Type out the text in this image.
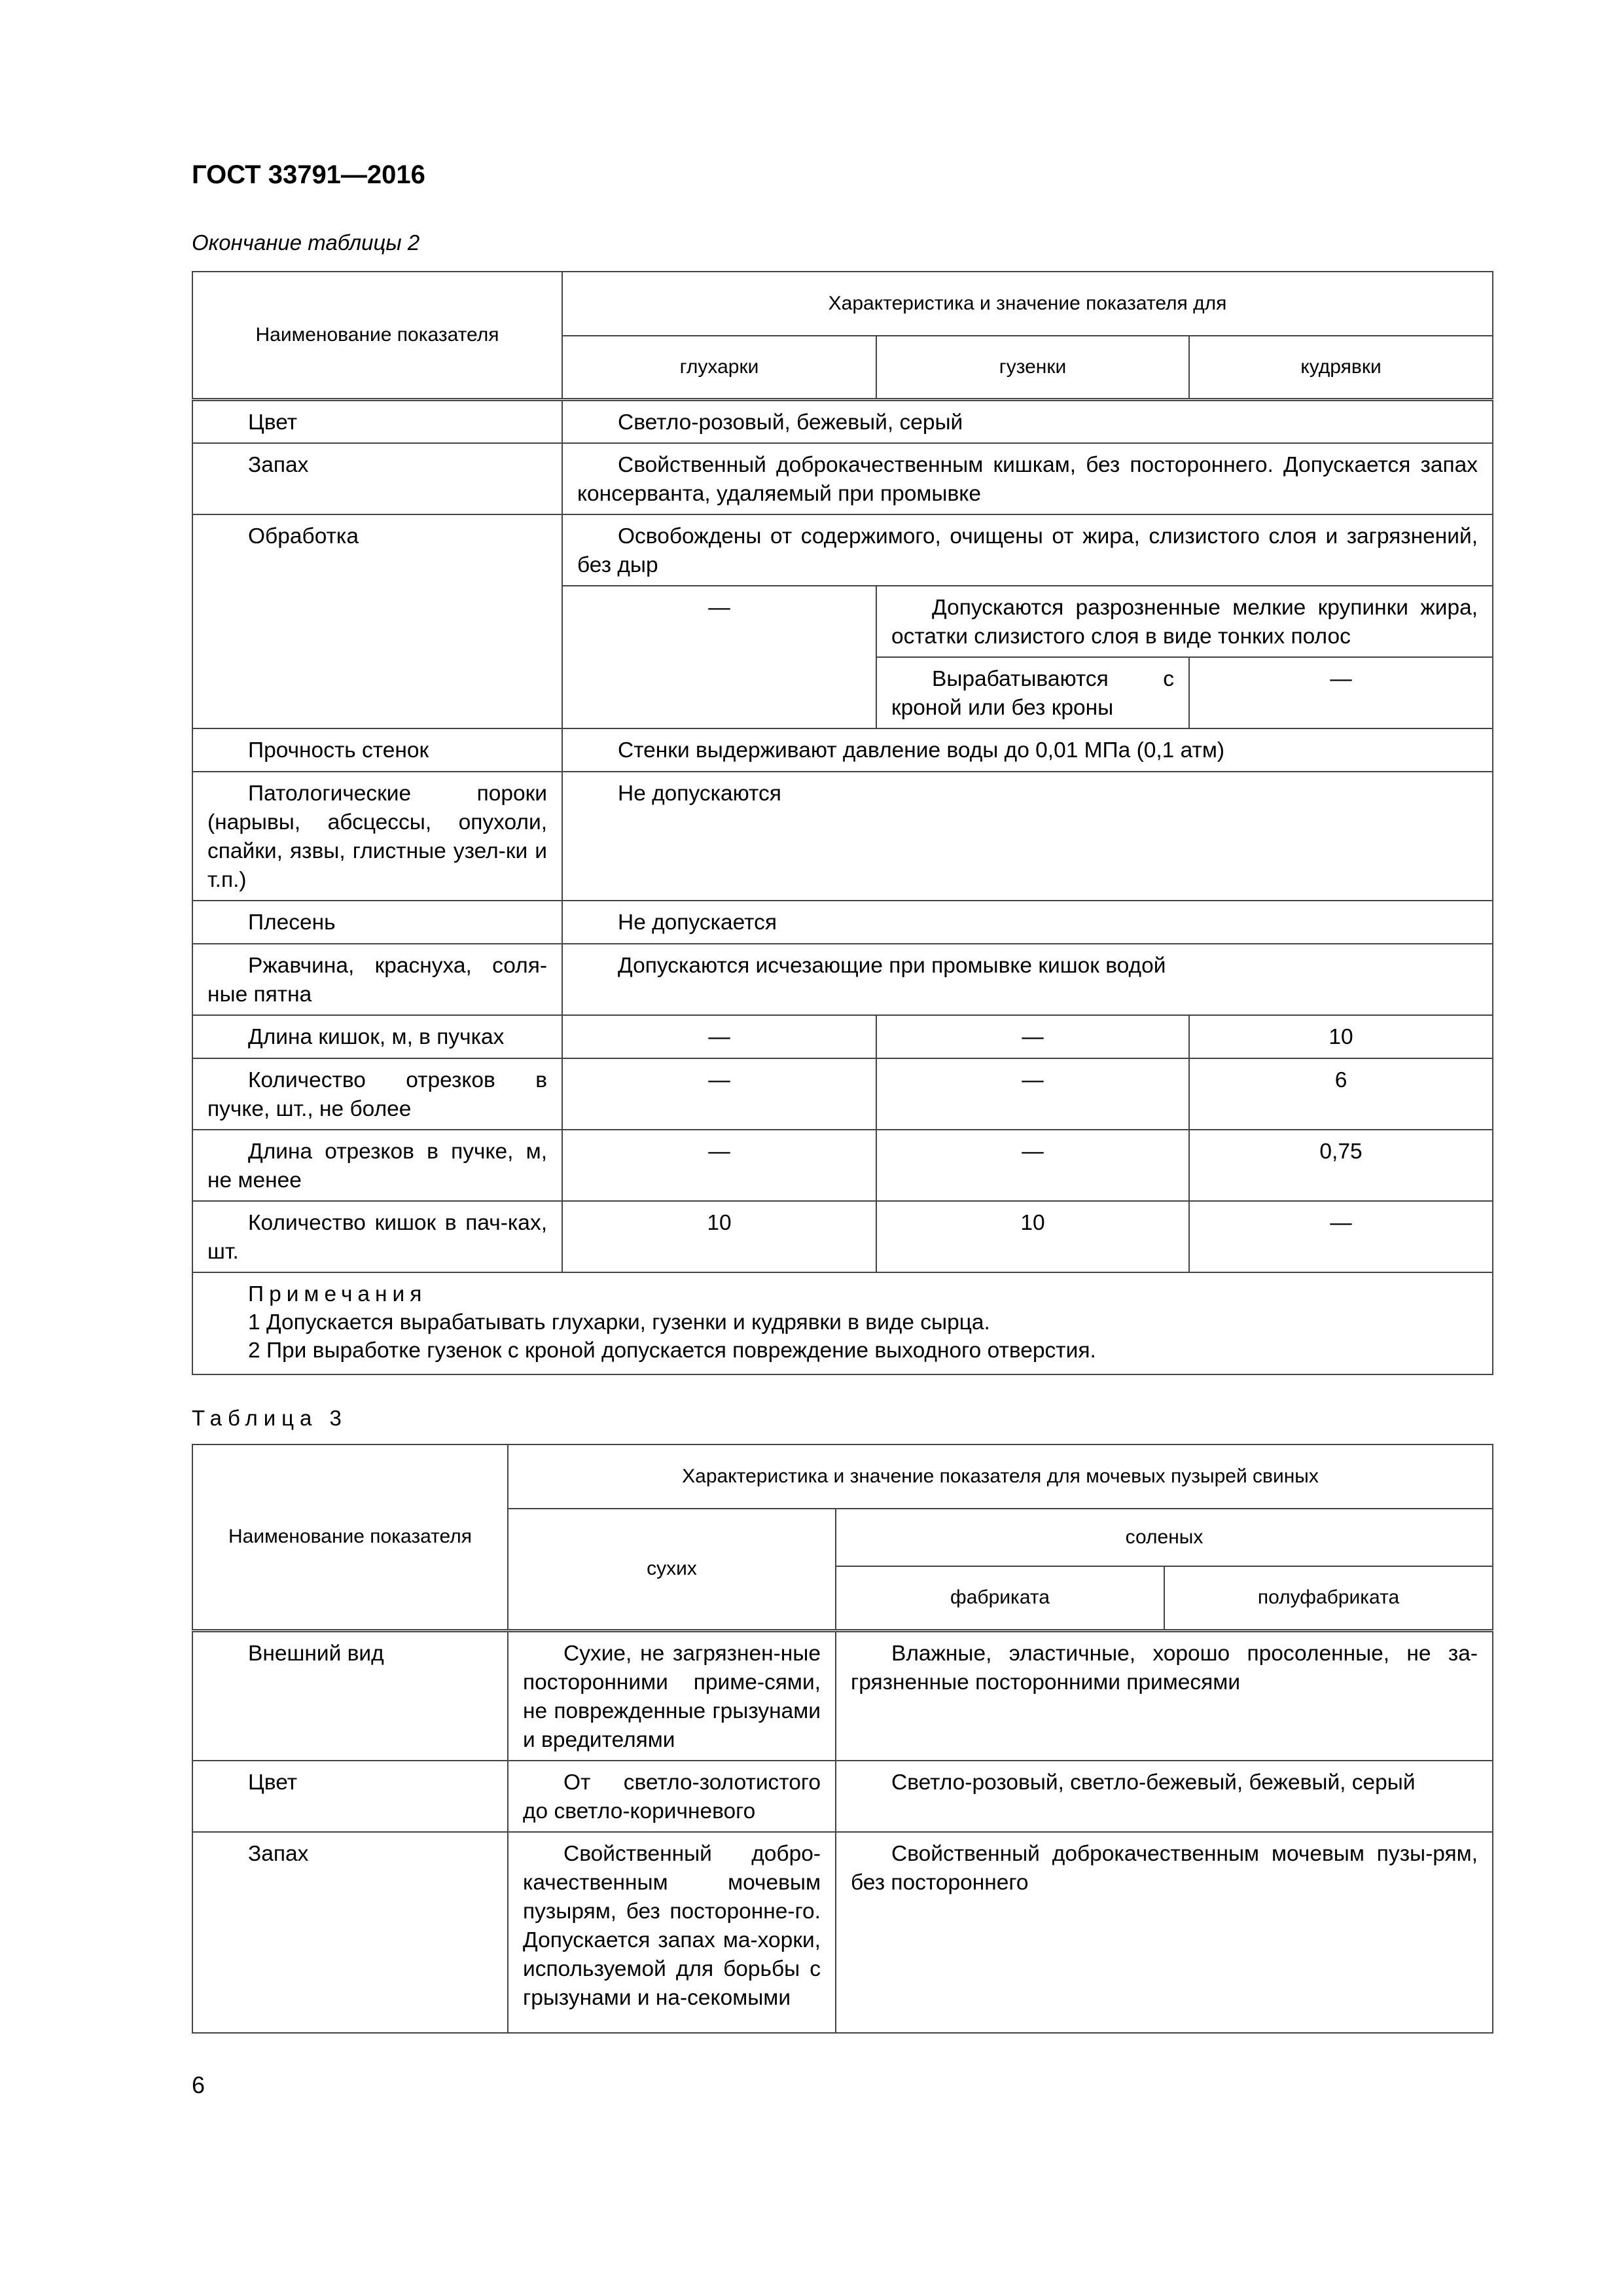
ГОСТ 33791—2016

Окончание таблицы 2

Наименование показателя	Характеристика и значение показателя для		
	глухарки	гузенки	кудрявки
Цвет	Светло-розовый, бежевый, серый		
Запах	Свойственный доброкачественным кишкам, без постороннего. Допускается запах консерванта, удаляемый при промывке		
Обработка	Освобождены от содержимого, очищены от жира, слизистого слоя и загрязнений, без дыр		
	—	Допускаются разрозненные мелкие крупинки жира, остатки слизистого слоя в виде тонких полос	
		Вырабатываются с кроной или без кроны	—
Прочность стенок	Стенки выдерживают давление воды до 0,01 МПа (0,1 атм)		
Патологические пороки (нарывы, абсцессы, опухоли, спайки, язвы, глистные узел-ки и т.п.)	Не допускаются		
Плесень	Не допускается		
Ржавчина, краснуха, соля-ные пятна	Допускаются исчезающие при промывке кишок водой		
Длина кишок, м, в пучках	—	—	10
Количество отрезков в пучке, шт., не более	—	—	6
Длина отрезков в пучке, м, не менее	—	—	0,75
Количество кишок в пач-ках, шт.	10	10	—

Примечания
1 Допускается вырабатывать глухарки, гузенки и кудрявки в виде сырца.
2 При выработке гузенок с кроной допускается повреждение выходного отверстия.			

Таблица 3

Наименование показателя	Характеристика и значение показателя для мочевых пузырей свиных		
	сухих	соленых	
		фабриката	полуфабриката
Внешний вид	Сухие, не загрязнен-ные посторонними приме-сями, не поврежденные грызунами и вредителями	Влажные, эластичные, хорошо просоленные, не за-грязненные посторонними примесями	
Цвет	От светло-золотистого до светло-коричневого	Светло-розовый, светло-бежевый, бежевый, серый	
Запах	Свойственный добро-качественным мочевым пузырям, без посторонне-го. Допускается запах ма-хорки, используемой для борьбы с грызунами и на-секомыми	Свойственный доброкачественным мочевым пузы-рям, без постороннего	

6
